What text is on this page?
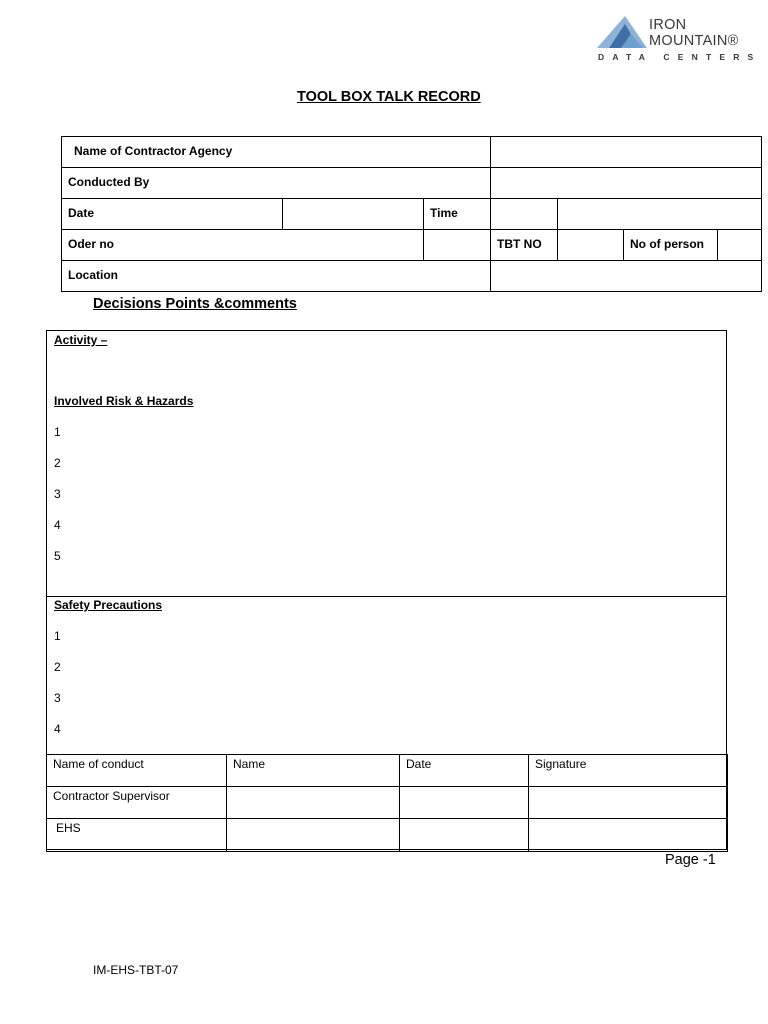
IRON
MOUNTAIN®
DATA CENTERS
TOOL BOX TALK RECORD
Name of Contractor Agency						

Conducted By						

Date		Time				

Oder no			TBT NO		No of person	

Location						

Decisions Points &comments
Activity –
Involved Risk & Hazards
1
2
3
4
5
Safety Precautions
1
2
3
4
Name of conduct	Name	Date	Signature

Contractor Supervisor			

EHS			

Page -1
IM-EHS-TBT-07
